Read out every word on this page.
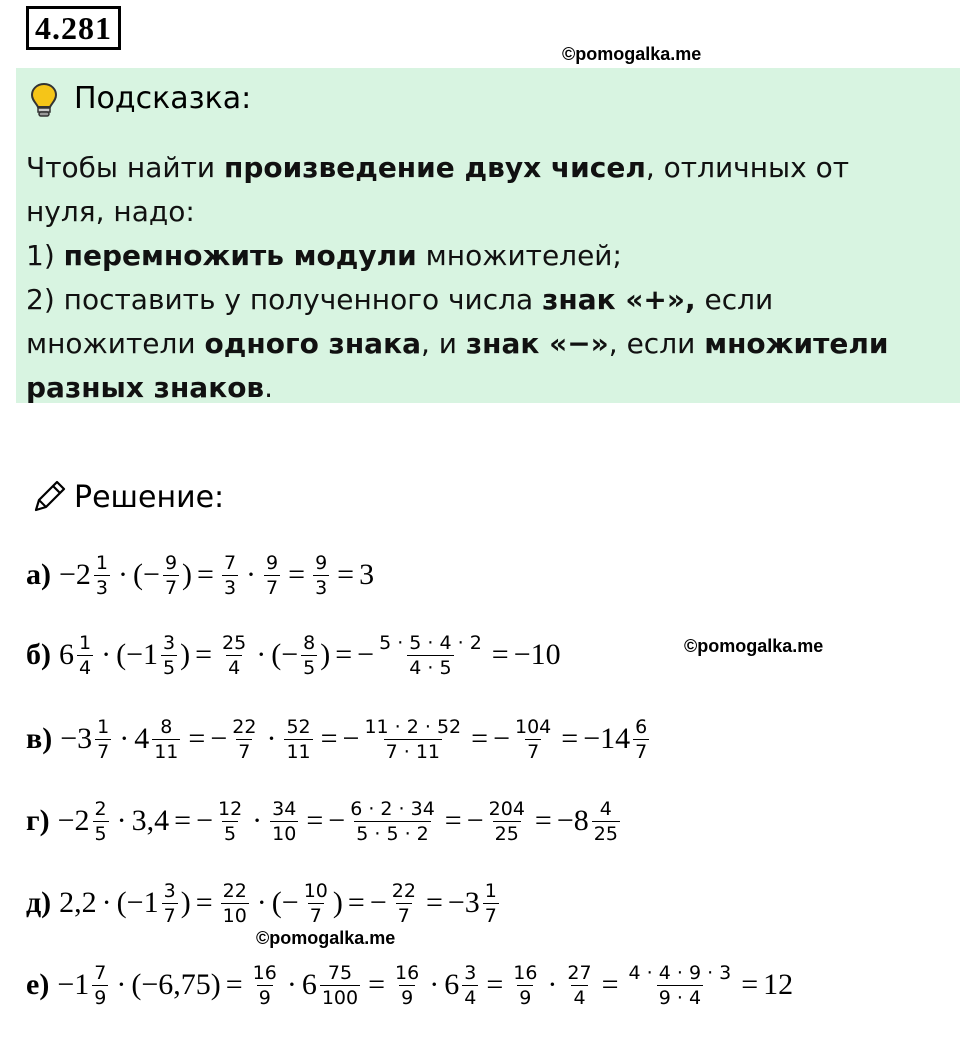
4.281
©pomogalka.me
Подсказка:
Чтобы найти произведение двух чисел, отличных от нуля, надо:
1) перемножить модули множителей;
2) поставить у полученного числа знак «+», если множители одного знака, и знак «−», если множители разных знаков.
Решение:
$а) -2 \frac{1}{3}$ · (− $\frac{9}{7}$ ) = $\frac{7}{3} \cdot \frac{9}{7} = \frac{9}{3} = 3$
б) $6 \frac{1}{4}$ · ( $-1 \frac{3}{5}$ ) = $\frac{25}{4}$ · (− $\frac{8}{5}$ ) = − $\frac{5 \cdot 5 \cdot 4 \cdot 2}{4 \cdot 5} = -10$	©pomogalka.me
$в) -3 \frac{1}{7} \cdot 4 \frac{8}{11}$ = − $\frac{22}{7} \cdot \frac{52}{11}$ = − $\frac{11 \cdot 2 \cdot 52}{7 \cdot 11}$ = − $\frac{104}{7} = -14 \frac{6}{7}$
$г) -2 \frac{2}{5} \cdot 3,4$ = − $\frac{12}{5} \cdot \frac{34}{10}$ = − $\frac{6 \cdot 2 \cdot 34}{5 \cdot 5 \cdot 2}$ = − $\frac{204}{25} = -8 \frac{4}{25}$
д) 2,2 · ( $-1 \frac{3}{7}$ ) = $\frac{22}{10}$ · (− $\frac{10}{7}$ ) = − $\frac{22}{7} = -3 \frac{1}{7}$
©pomogalka.me
$е) -1 \frac{7}{9} \cdot (-6,75) = \frac{16}{9} \cdot 6 \frac{75}{100} = \frac{16}{9} \cdot 6 \frac{3}{4} = \frac{16}{9} \cdot \frac{27}{4} = \frac{4 \cdot 4 \cdot 9 \cdot 3}{9 \cdot 4} = 12$
